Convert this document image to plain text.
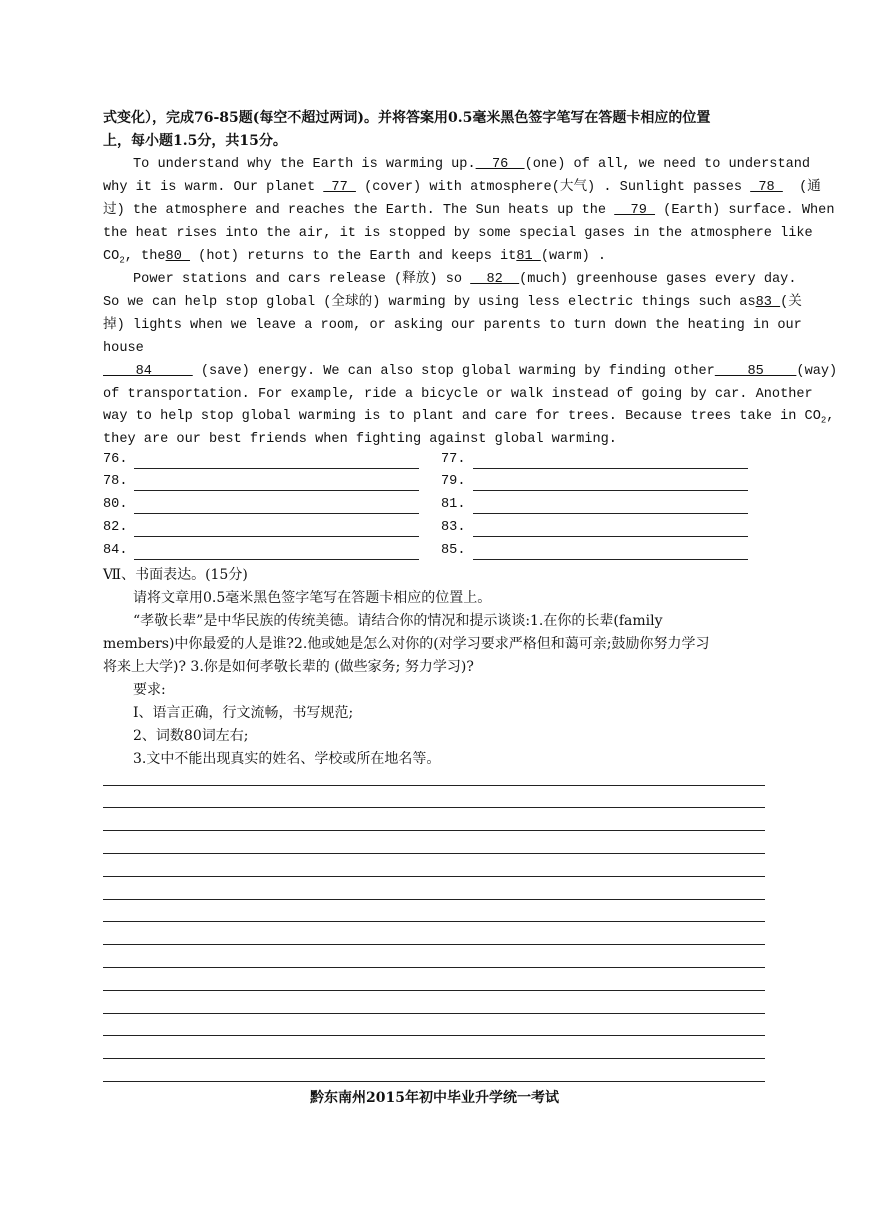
式变化），完成76-85题(每空不超过两词)。并将答案用0.5毫米黑色签字笔写在答题卡相应的位置
上，每小题1.5分，共15分。
To understand why the Earth is warming up.  76  (one) of all, we need to understand
why it is warm. Our planet  77  (cover) with atmosphere(大气) . Sunlight passes  78   (通
过) the atmosphere and reaches the Earth. The Sun heats up the   79  (Earth) surface. When
the heat rises into the air, it is stopped by some special gases in the atmosphere like
$CO_2$, the80  (hot) returns to the Earth and keeps it81 (warm) .
Power stations and cars release (释放) so   82  (much) greenhouse gases every day.
So we can help stop global (全球的) warming by using less electric things such as83 (关
掉) lights when we leave a room, or asking our parents to turn down the heating in our
house
84      (save) energy. We can also stop global warming by finding other    85    (way)
of transportation. For example, ride a bicycle or walk instead of going by car. Another
way to help stop global warming is to plant and care for trees. Because trees take in $CO_2$,
they are our best friends when fighting against global warming.
76.	77.
78.	79.
80.	81.
82.	83.
84.	85.
Ⅶ、书面表达。(15分)
请将文章用0.5毫米黑色签字笔写在答题卡相应的位置上。
“孝敬长辈”是中华民族的传统美德。请结合你的情况和提示谈谈:1.在你的长辈(family
members)中你最爱的人是谁?2.他或她是怎么对你的(对学习要求严格但和蔼可亲;鼓励你努力学习
将来上大学)? 3.你是如何孝敬长辈的 (做些家务; 努力学习)?
要求:
I、语言正确，行文流畅，书写规范;
2、词数80词左右;
3.文中不能出现真实的姓名、学校或所在地名等。
黔东南州2015年初中毕业升学统一考试
